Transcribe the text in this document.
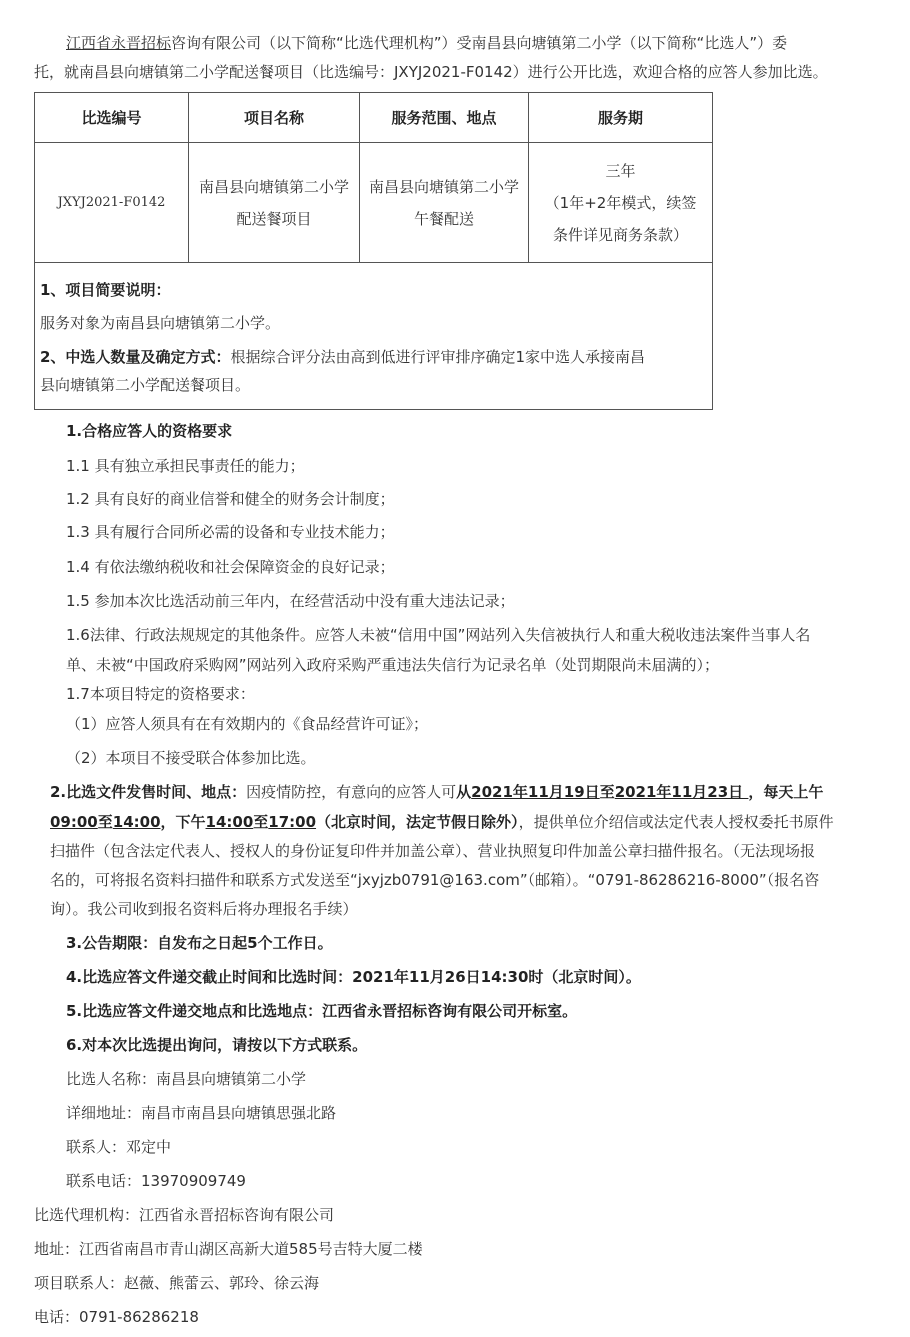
江西省永晋招标咨询有限公司（以下简称“比选代理机构”）受南昌县向塘镇第二小学（以下简称“比选人”）委
托，就南昌县向塘镇第二小学配送餐项目（比选编号：JXYJ2021-F0142）进行公开比选，欢迎合格的应答人参加比选。
比选编号	项目名称	服务范围、地点	服务期
JXYJ2021-F0142	南昌县向塘镇第二小学配送餐项目	南昌县向塘镇第二小学午餐配送	三年
（1年+2年模式，续签条件详见商务条款）

1、项目简要说明：
服务对象为南昌县向塘镇第二小学。
2、中选人数量及确定方式：根据综合评分法由高到低进行评审排序确定1家中选人承接南昌
县向塘镇第二小学配送餐项目。			
1.合格应答人的资格要求
1.1 具有独立承担民事责任的能力；
1.2 具有良好的商业信誉和健全的财务会计制度；
1.3 具有履行合同所必需的设备和专业技术能力；
1.4 有依法缴纳税收和社会保障资金的良好记录；
1.5 参加本次比选活动前三年内，在经营活动中没有重大违法记录；
1.6法律、行政法规规定的其他条件。应答人未被“信用中国”网站列入失信被执行人和重大税收违法案件当事人名
单、未被“中国政府采购网”网站列入政府采购严重违法失信行为记录名单（处罚期限尚未届满的）；
1.7本项目特定的资格要求：
（1）应答人须具有在有效期内的《食品经营许可证》；
（2）本项目不接受联合体参加比选。
2.比选文件发售时间、地点：因疫情防控，有意向的应答人可从2021年11月19日至2021年11月23日 ，每天上午
09:00至14:00，下午14:00至17:00（北京时间，法定节假日除外），提供单位介绍信或法定代表人授权委托书原件
扫描件（包含法定代表人、授权人的身份证复印件并加盖公章）、营业执照复印件加盖公章扫描件报名。（无法现场报
名的，可将报名资料扫描件和联系方式发送至“jxyjzb0791@163.com”（邮箱）。“0791-86286216-8000”（报名咨
询）。我公司收到报名资料后将办理报名手续）
3.公告期限：自发布之日起5个工作日。
4.比选应答文件递交截止时间和比选时间：2021年11月26日14:30时（北京时间）。
5.比选应答文件递交地点和比选地点：江西省永晋招标咨询有限公司开标室。
6.对本次比选提出询问，请按以下方式联系。
比选人名称：南昌县向塘镇第二小学
详细地址：南昌市南昌县向塘镇思强北路
联系人：邓定中
联系电话：13970909749
比选代理机构：江西省永晋招标咨询有限公司
地址：江西省南昌市青山湖区高新大道585号吉特大厦二楼
项目联系人：赵薇、熊蕾云、郭玲、徐云海
电话：0791-86286218
